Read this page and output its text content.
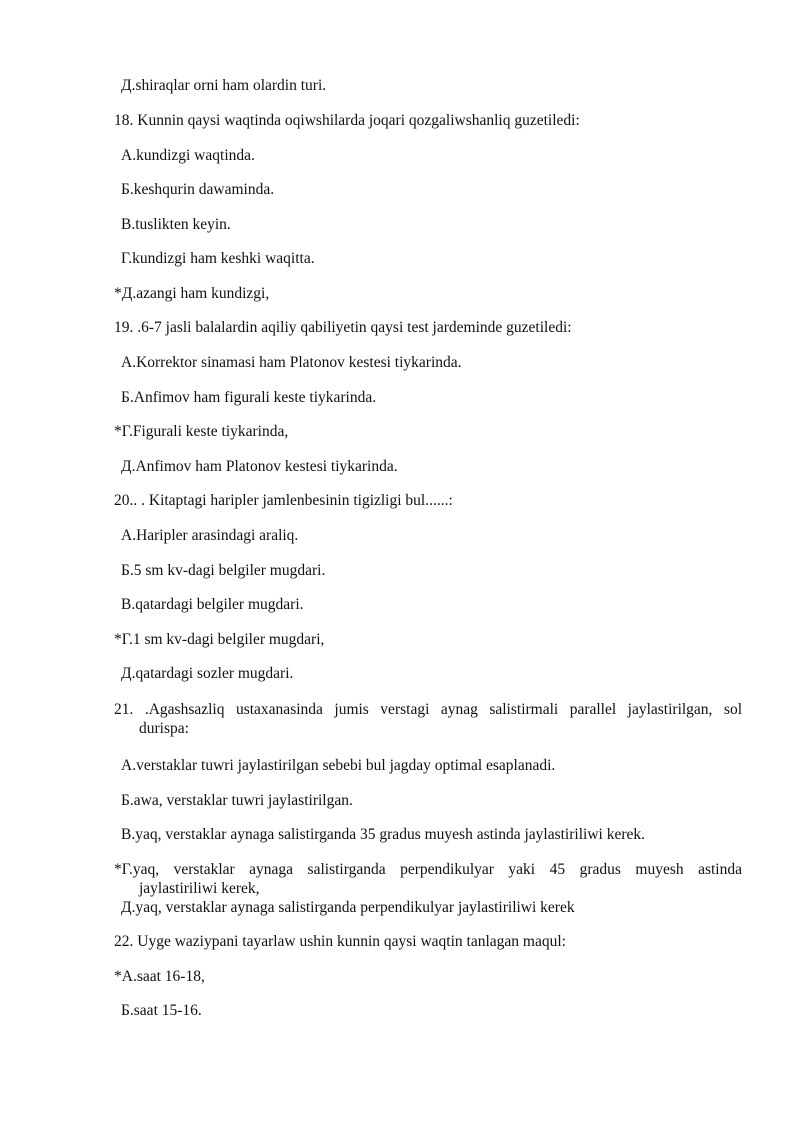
Д.shiraqlar orni ham olardin turi.
18. Kunnin qaysi waqtinda oqiwshilarda joqari qozgaliwshanliq guzetiledi:
A.kundizgi waqtinda.
Б.keshqurin dawaminda.
B.tuslikten keyin.
Г.kundizgi ham keshki waqitta.
*Д.azangi ham kundizgi,
19. .6-7 jasli balalardin aqiliy qabiliyetin qaysi test jardeminde guzetiledi:
A.Korrektor sinamasi ham Platonov kestesi tiykarinda.
Б.Anfimov ham figurali keste tiykarinda.
*Г.Figurali keste tiykarinda,
Д.Anfimov ham Platonov kestesi tiykarinda.
20.. . Kitaptagi haripler jamlenbesinin tigizligi bul......:
A.Haripler arasindagi araliq.
Б.5 sm kv-dagi belgiler mugdari.
B.qatardagi belgiler mugdari.
*Г.1 sm kv-dagi belgiler mugdari,
Д.qatardagi sozler mugdari.
21. .Agashsazliq ustaxanasinda jumis verstagi aynag salistirmali parallel jaylastirilgan, sol
durispa:
A.verstaklar tuwri jaylastirilgan sebebi bul jagday optimal esaplanadi.
Б.awa, verstaklar tuwri jaylastirilgan.
B.yaq, verstaklar aynaga salistirganda 35 gradus muyesh astinda jaylastiriliwi kerek.
*Г.yaq, verstaklar aynaga salistirganda perpendikulyar yaki 45 gradus muyesh astinda
jaylastiriliwi kerek,
Д.yaq, verstaklar aynaga salistirganda perpendikulyar jaylastiriliwi kerek
22. Uyge waziypani tayarlaw ushin kunnin qaysi waqtin tanlagan maqul:
*A.saat 16-18,
Б.saat 15-16.
